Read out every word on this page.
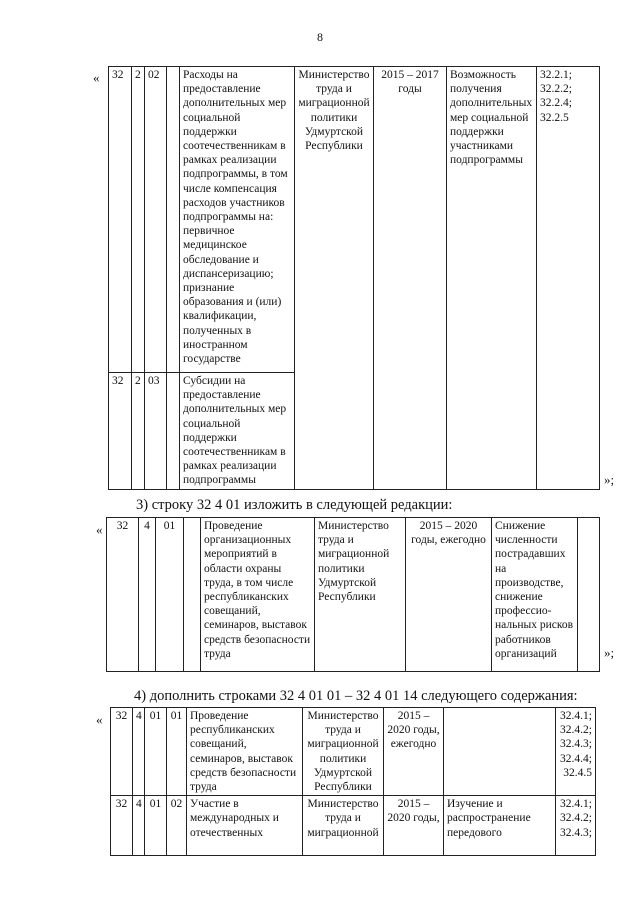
8
« 32	2	02		Расходы на предоставление дополнительных мер социальной поддержки соотечественникам в рамках реализации подпрограммы, в том числе компенсация расходов участников подпрограммы на: первичное медицинское обследование и диспансеризацию; признание образования и (или) квалификации, полученных в иностранном государстве	Министерство труда и миграционной политики Удмуртской Республики	2015 – 2017 годы	Возможность получения дополнительных мер социальной поддержки участниками подпрограммы	32.2.1; 32.2.2; 32.2.4; 32.2.5
32	2	03		Субсидии на предоставление дополнительных мер социальной поддержки соотечественникам в рамках реализации подпрограммы					»;
3) строку 32 4 01 изложить в следующей редакции:
« 32	4	01		Проведение организационных мероприятий в области охраны труда, в том числе республиканских совещаний, семинаров, выставок средств безопасности труда	Министерство труда и миграционной политики Удмуртской Республики	2015 – 2020 годы, ежегодно	Снижение численности пострадавших на производстве, снижение профессио- нальных рисков работников организаций		»;
4) дополнить строками 32 4 01 01 – 32 4 01 14 следующего содержания:
« 32	4	01	01	Проведение республиканских совещаний, семинаров, выставок средств безопасности труда	Министерство труда и миграционной политики Удмуртской Республики	2015 – 2020 годы, ежегодно		32.4.1; 32.4.2; 32.4.3; 32.4.4; 32.4.5
32	4	01	02	Участие в международных и отечественных	Министерство труда и миграционной	2015 – 2020 годы,	Изучение и распространение передового	32.4.1; 32.4.2; 32.4.3;
